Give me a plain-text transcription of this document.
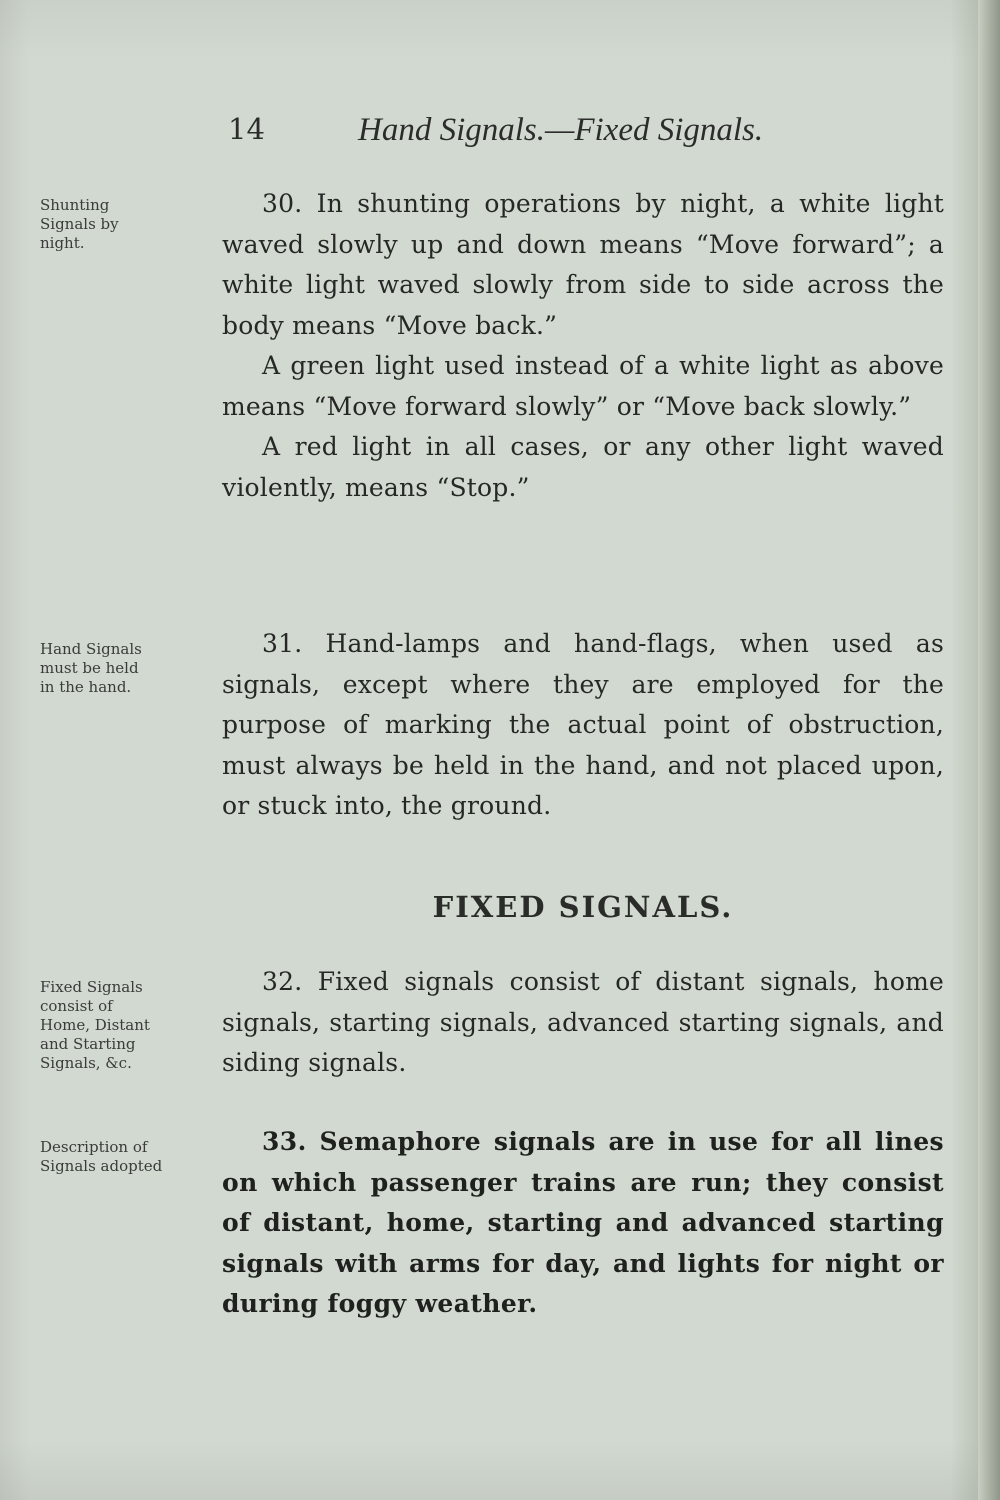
14	Hand Signals.—Fixed Signals.
Shunting
Signals by
night.
Hand Signals
must be held
in the hand.
Fixed Signals
consist of
Home, Distant
and Starting
Signals, &c.
Description of
Signals adopted

30. In shunting operations by night, a white light waved slowly up and down means “Move forward”; a white light waved slowly from side to side across the body means “Move back.”

A green light used instead of a white light as above means “Move forward slowly” or “Move back slowly.”

A red light in all cases, or any other light waved violently, means “Stop.”

31. Hand-lamps and hand-flags, when used as signals, except where they are employed for the purpose of marking the actual point of obstruction, must always be held in the hand, and not placed upon, or stuck into, the ground.

FIXED SIGNALS.

32. Fixed signals consist of distant signals, home signals, starting signals, advanced starting signals, and siding signals.

33. Semaphore signals are in use for all lines on which passenger trains are run; they consist of distant, home, starting and advanced starting signals with arms for day, and lights for night or during foggy weather.
